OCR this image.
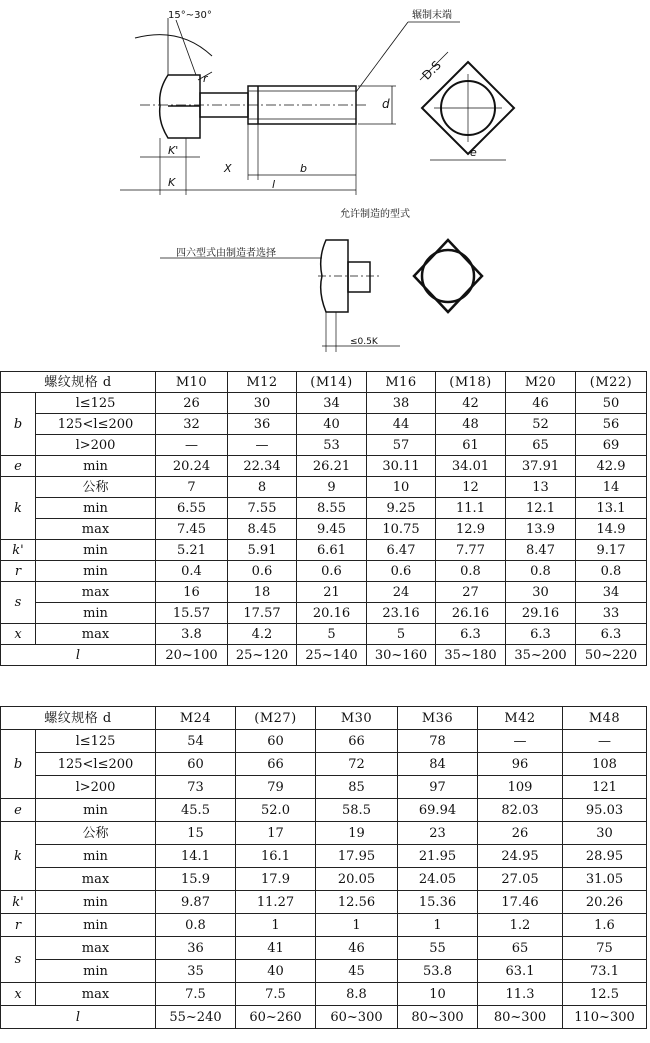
15°~30°	辗制末端
D.S
d
r
e
K'
K
X	b
l
允许制造的型式
四六型式由制造者选择
≤0.5K
螺纹规格 d		M10	M12	(M14)	M16	(M18)	M20	(M22)
b	l≤125	26	30	34	38	42	46	50
	125<l≤200	32	36	40	44	48	52	56
	l>200	—	—	53	57	61	65	69
e	min	20.24	22.34	26.21	30.11	34.01	37.91	42.9
k	公称	7	8	9	10	12	13	14
	min	6.55	7.55	8.55	9.25	11.1	12.1	13.1
	max	7.45	8.45	9.45	10.75	12.9	13.9	14.9
k'	min	5.21	5.91	6.61	6.47	7.77	8.47	9.17
r	min	0.4	0.6	0.6	0.6	0.8	0.8	0.8
s	max	16	18	21	24	27	30	34
	min	15.57	17.57	20.16	23.16	26.16	29.16	33
x	max	3.8	4.2	5	5	6.3	6.3	6.3
l		20~100	25~120	25~140	30~160	35~180	35~200	50~220
螺纹规格 d		M24	(M27)	M30	M36	M42	M48
b	l≤125	54	60	66	78	—	—
	125<l≤200	60	66	72	84	96	108
	l>200	73	79	85	97	109	121
e	min	45.5	52.0	58.5	69.94	82.03	95.03
k	公称	15	17	19	23	26	30
	min	14.1	16.1	17.95	21.95	24.95	28.95
	max	15.9	17.9	20.05	24.05	27.05	31.05
k'	min	9.87	11.27	12.56	15.36	17.46	20.26
r	min	0.8	1	1	1	1.2	1.6
s	max	36	41	46	55	65	75
	min	35	40	45	53.8	63.1	73.1
x	max	7.5	7.5	8.8	10	11.3	12.5
l		55~240	60~260	60~300	80~300	80~300	110~300
